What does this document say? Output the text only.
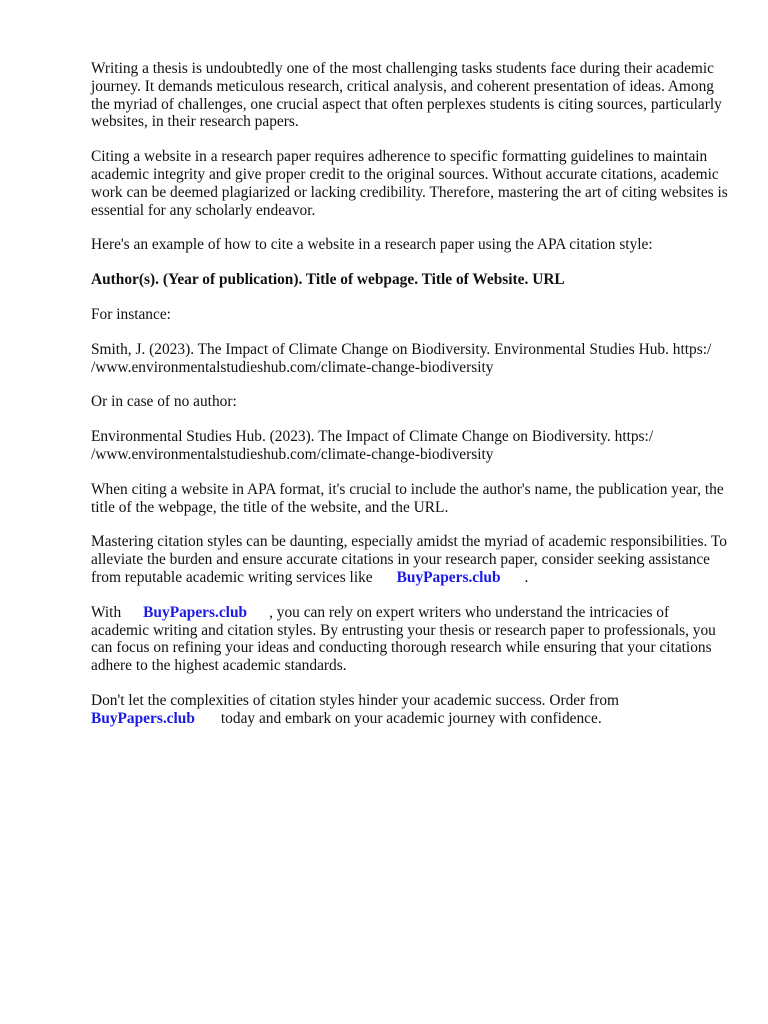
Writing a thesis is undoubtedly one of the most challenging tasks students face during their academic journey. It demands meticulous research, critical analysis, and coherent presentation of ideas. Among the myriad of challenges, one crucial aspect that often perplexes students is citing sources, particularly websites, in their research papers.

Citing a website in a research paper requires adherence to specific formatting guidelines to maintain academic integrity and give proper credit to the original sources. Without accurate citations, academic work can be deemed plagiarized or lacking credibility. Therefore, mastering the art of citing websites is essential for any scholarly endeavor.

Here's an example of how to cite a website in a research paper using the APA citation style:

Author(s). (Year of publication). Title of webpage. Title of Website. URL

For instance:

Smith, J. (2023). The Impact of Climate Change on Biodiversity. Environmental Studies Hub. https:/
/www.environmentalstudieshub.com/climate-change-biodiversity

Or in case of no author:

Environmental Studies Hub. (2023). The Impact of Climate Change on Biodiversity. https:/
/www.environmentalstudieshub.com/climate-change-biodiversity

When citing a website in APA format, it's crucial to include the author's name, the publication year, the title of the webpage, the title of the website, and the URL.

Mastering citation styles can be daunting, especially amidst the myriad of academic responsibilities. To alleviate the burden and ensure accurate citations in your research paper, consider seeking assistance from reputable academic writing services like BuyPapers.club .

With BuyPapers.club , you can rely on expert writers who understand the intricacies of academic writing and citation styles. By entrusting your thesis or research paper to professionals, you can focus on refining your ideas and conducting thorough research while ensuring that your citations adhere to the highest academic standards.

Don't let the complexities of citation styles hinder your academic success. Order from
BuyPapers.club today and embark on your academic journey with confidence.
